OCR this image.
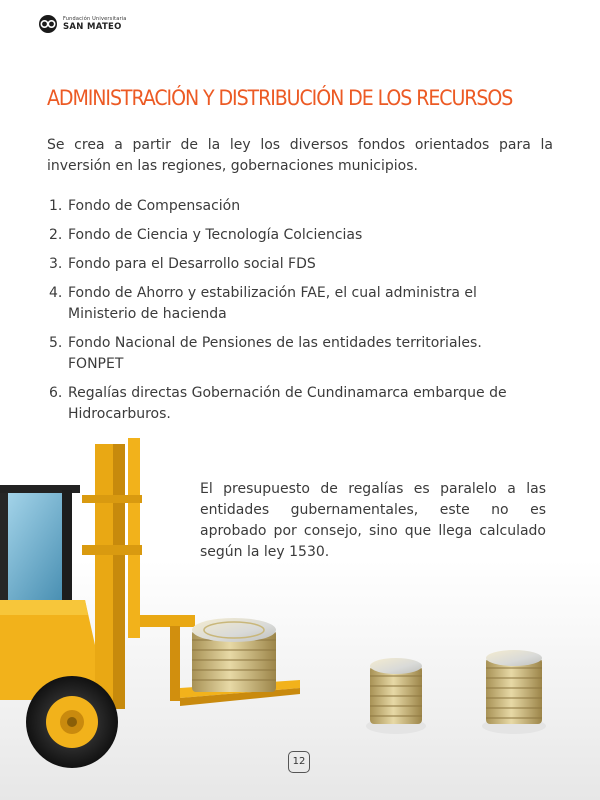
Fundación Universitaria
SAN MATEO
ADMINISTRACIÓN Y DISTRIBUCIÓN DE LOS RECURSOS

Se crea a partir de la ley los diversos fondos orientados para la inversión en las regiones, gobernaciones municipios.

1. Fondo de Compensación
2. Fondo de Ciencia y Tecnología Colciencias
3. Fondo para el Desarrollo social FDS
4. Fondo de Ahorro y estabilización FAE, el cual administra el Ministerio de hacienda
5. Fondo Nacional de Pensiones de las entidades territoriales. FONPET
6. Regalías directas Gobernación de Cundinamarca embarque de Hidrocarburos.

El presupuesto de regalías es paralelo a las entidades gubernamentales, este no es aprobado por consejo, sino que llega calculado según la ley 1530.

12
